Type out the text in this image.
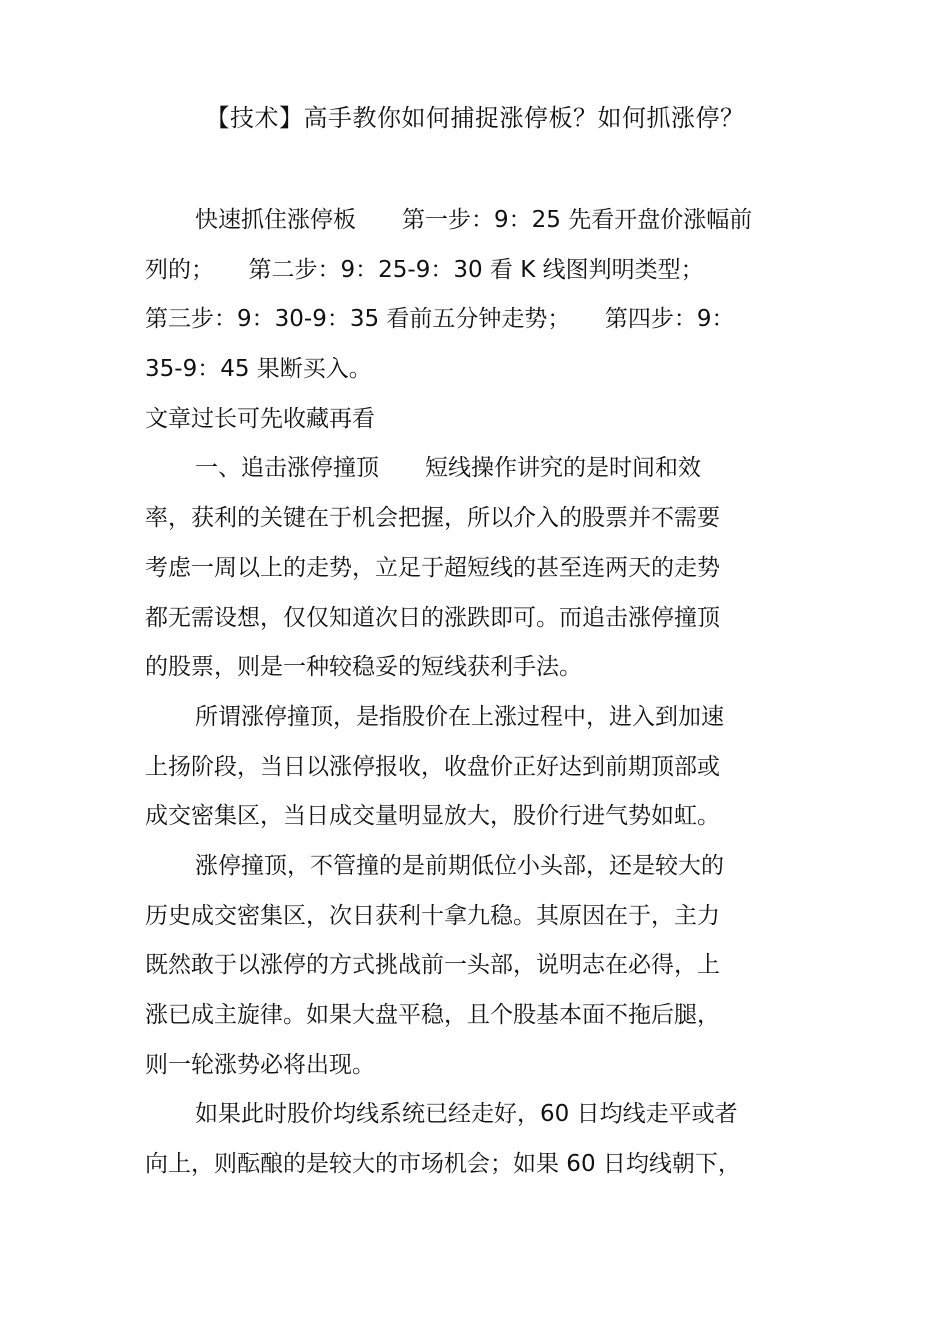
【技术】高手教你如何捕捉涨停板？如何抓涨停？
快速抓住涨停板　　第一步：9：25 先看开盘价涨幅前
列的；　　第二步：9：25-9：30 看 K 线图判明类型；
第三步：9：30-9：35 看前五分钟走势；　　第四步：9：
35-9：45 果断买入。
文章过长可先收藏再看
一、追击涨停撞顶　　短线操作讲究的是时间和效
率，获利的关键在于机会把握，所以介入的股票并不需要
考虑一周以上的走势，立足于超短线的甚至连两天的走势
都无需设想，仅仅知道次日的涨跌即可。而追击涨停撞顶
的股票，则是一种较稳妥的短线获利手法。
所谓涨停撞顶，是指股价在上涨过程中，进入到加速
上扬阶段，当日以涨停报收，收盘价正好达到前期顶部或
成交密集区，当日成交量明显放大，股价行进气势如虹。
涨停撞顶，不管撞的是前期低位小头部，还是较大的
历史成交密集区，次日获利十拿九稳。其原因在于，主力
既然敢于以涨停的方式挑战前一头部，说明志在必得，上
涨已成主旋律。如果大盘平稳，且个股基本面不拖后腿，
则一轮涨势必将出现。
如果此时股价均线系统已经走好，60 日均线走平或者
向上，则酝酿的是较大的市场机会；如果 60 日均线朝下，
